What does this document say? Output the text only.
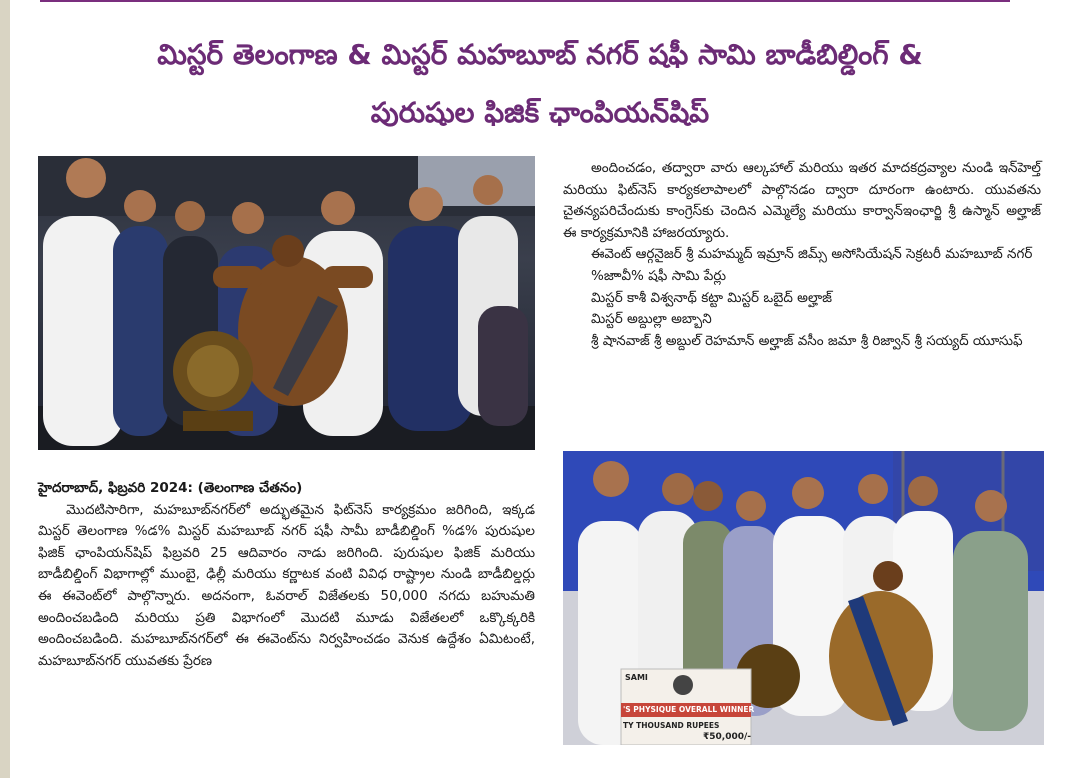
మిస్టర్ తెలంగాణ & మిస్టర్ మహబూబ్ నగర్ షఫీ సామి బాడీబిల్డింగ్ &
పురుషుల ఫిజిక్ ఛాంపియన్‌షిప్

అందించడం, తద్వారా వారు ఆల్కహాల్ మరియు ఇతర మాదకద్రవ్యాల నుండి ఇన్‌హెల్త్ మరియు ఫిట్‌నెస్ కార్యకలాపాలలో పాల్గొనడం ద్వారా దూరంగా ఉంటారు. యువతను చైతన్యపరిచేందుకు కాంగ్రెస్‌కు చెందిన ఎమ్మెల్యే మరియు కార్వాన్‌ఇంఛార్జి శ్రీ ఉస్మాన్ అల్హాజ్ ఈ కార్యక్రమానికి హాజరయ్యారు.

ఈవెంట్ ఆర్గనైజర్ శ్రీ మహమ్మద్ ఇమ్రాన్ జిమ్స్ అసోసియేషన్ సెక్రటరీ మహబూబ్ నగర్

%జాావీ% షఫీ సామి పేర్లు

మిస్టర్ కాశీ విశ్వనాథ్ కట్టా మిస్టర్ ఒబైద్ అల్హాజ్

మిస్టర్ అబ్దుల్లా అబ్బాని

శ్రీ షానవాజ్ శ్రీ అబ్దుల్ రెహమాన్ అల్హాజ్ వసీం జమా శ్రీ రిజ్వాన్ శ్రీ సయ్యద్ యూసుఫ్

హైదరాబాద్, ఫిబ్రవరి 2024: (తెలంగాణ చేతనం)

మొదటిసారిగా, మహబూబ్‌నగర్‌లో అద్భుతమైన ఫిట్‌నెస్ కార్యక్రమం జరిగింది, ఇక్కడ మిస్టర్ తెలంగాణ %డ% మిస్టర్ మహబూబ్ నగర్ షఫీ సామీ బాడీబిల్డింగ్ %డ% పురుషుల ఫిజిక్ ఛాంపియన్‌షిప్ ఫిబ్రవరి 25 ఆదివారం నాడు జరిగింది. పురుషుల ఫిజిక్ మరియు బాడీబిల్డింగ్ విభాగాల్లో ముంబై, ఢిల్లీ మరియు కర్ణాటక వంటి వివిధ రాష్ట్రాల నుండి బాడీబిల్డర్లు ఈ ఈవెంట్‌లో పాల్గొన్నారు. అదనంగా, ఓవరాల్ విజేతలకు 50,000 నగదు బహుమతి అందించబడింది మరియు ప్రతి విభాగంలో మొదటి మూడు విజేతలలో ఒక్కొక్కరికి అందించబడింది. మహబూబ్‌నగర్‌లో ఈ ఈవెంట్‌ను నిర్వహించడం వెనుక ఉద్దేశం ఏమిటంటే, మహబూబ్‌నగర్ యువతకు ప్రేరణ

SAMI
'S PHYSIQUE OVERALL WINNER
TY THOUSAND RUPEES
₹50,000/-
